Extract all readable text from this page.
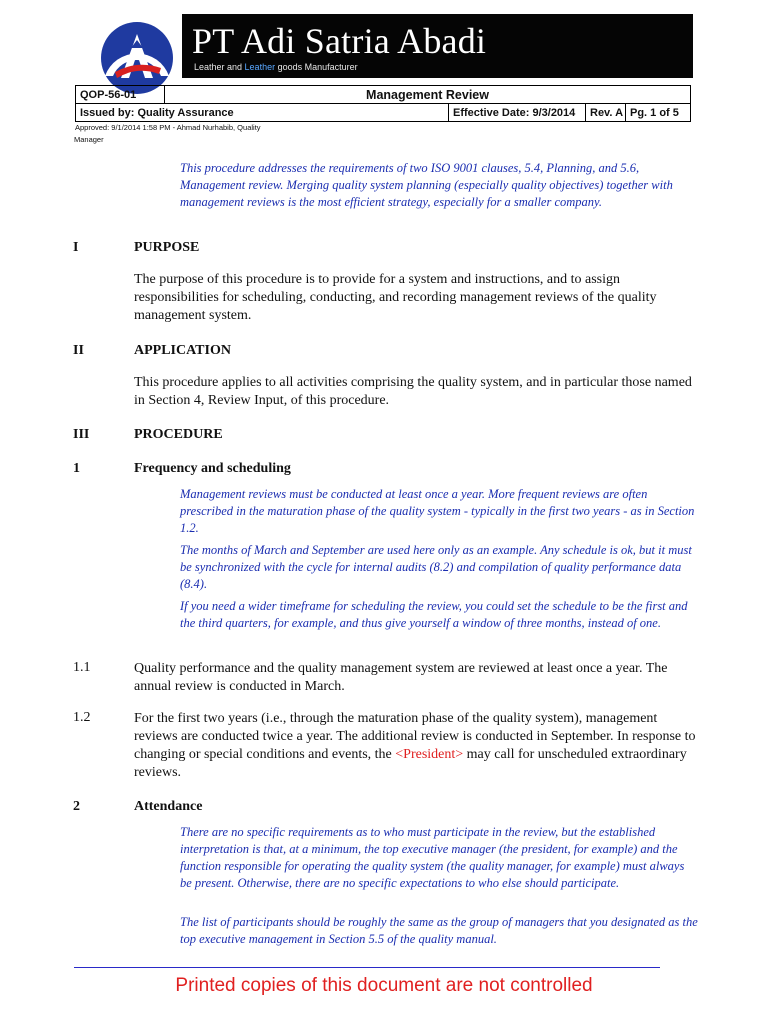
PT Adi Satria Abadi
Leather and Leather goods Manufacturer
QOP-56-01	Management Review			
Issued by: Quality Assurance		Effective Date: 9/3/2014	Rev. A	Pg. 1 of 5
Approved: 9/1/2014 1:58 PM - Ahmad Nurhabib, Quality
Manager

This procedure addresses the requirements of two ISO 9001 clauses, 5.4, Planning, and 5.6, Management review. Merging quality system planning (especially quality objectives) together with management reviews is the most efficient strategy, especially for a smaller company.

I	PURPOSE

The purpose of this procedure is to provide for a system and instructions, and to assign responsibilities for scheduling, conducting, and recording management reviews of the quality management system.

II	APPLICATION

This procedure applies to all activities comprising the quality system, and in particular those named in Section 4, Review Input, of this procedure.

III	PROCEDURE
1	Frequency and scheduling

Management reviews must be conducted at least once a year. More frequent reviews are often prescribed in the maturation phase of the quality system - typically in the first two years - as in Section 1.2.

The months of March and September are used here only as an example. Any schedule is ok, but it must be synchronized with the cycle for internal audits (8.2) and compilation of quality performance data (8.4).

If you need a wider timeframe for scheduling the review, you could set the schedule to be the first and the third quarters, for example, and thus give yourself a window of three months, instead of one.

1.1	Quality performance and the quality management system are reviewed at least once a year. The annual review is conducted in March.

1.2	For the first two years (i.e., through the maturation phase of the quality system), management reviews are conducted twice a year. The additional review is conducted in September. In response to changing or special conditions and events, the <President> may call for unscheduled extraordinary reviews.

2	Attendance

There are no specific requirements as to who must participate in the review, but the established interpretation is that, at a minimum, the top executive manager (the president, for example) and the function responsible for operating the quality system (the quality manager, for example) must always be present. Otherwise, there are no specific expectations to who else should participate.

The list of participants should be roughly the same as the group of managers that you designated as the top executive management in Section 5.5 of the quality manual.

Printed copies of this document are not controlled
